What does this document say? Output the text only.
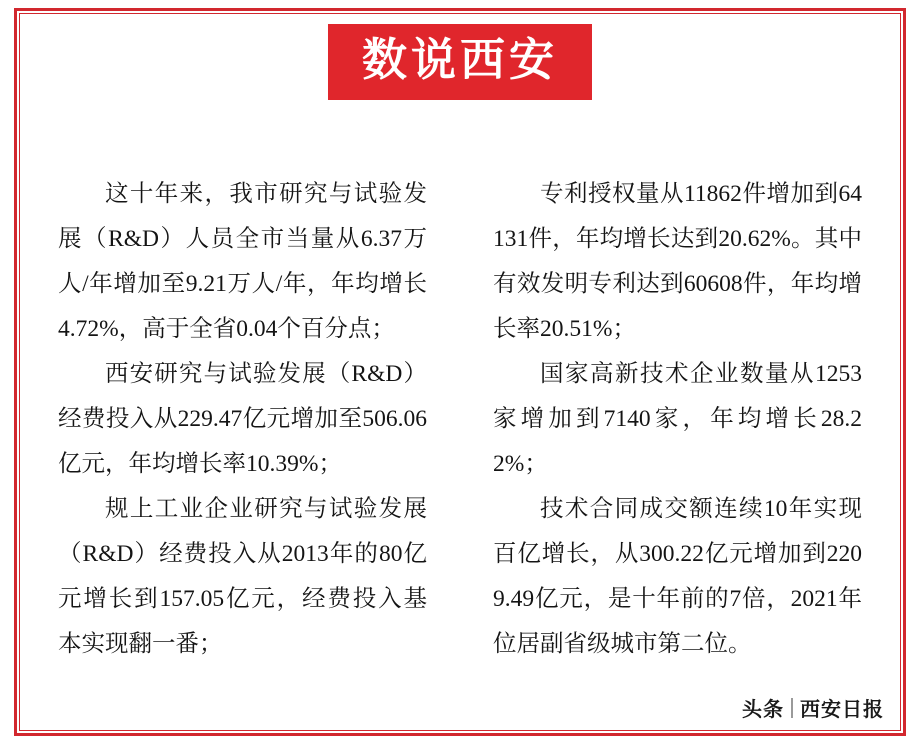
数说西安

这十年来，我市研究与试验发展（R&D）人员全市当量从6.37万人/年增加至9.21万人/年，年均增长4.72%，高于全省0.04个百分点；

西安研究与试验发展（R&D）经费投入从229.47亿元增加至506.06亿元，年均增长率10.39%；

规上工业企业研究与试验发展（R&D）经费投入从2013年的80亿元增长到157.05亿元，经费投入基本实现翻一番；

专利授权量从11862件增加到64131件，年均增长达到20.62%。其中有效发明专利达到60608件，年均增长率20.51%；

国家高新技术企业数量从1253家增加到7140家，年均增长28.22%；

技术合同成交额连续10年实现百亿增长，从300.22亿元增加到2209.49亿元，是十年前的7倍，2021年位居副省级城市第二位。

头条 西安日报
